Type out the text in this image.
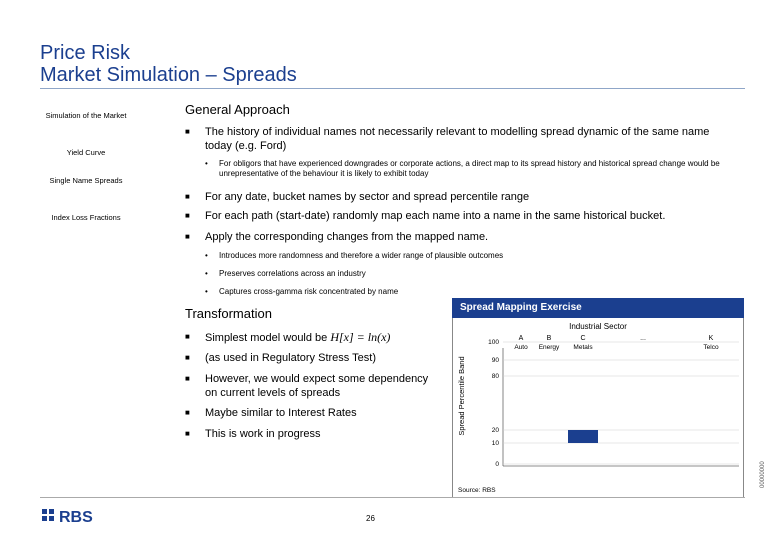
Price Risk
Market Simulation – Spreads
Simulation of the Market
Yield Curve
Single Name Spreads
Index Loss Fractions
General Approach
■ The history of individual names not necessarily relevant to modelling spread dynamic of the same name today (e.g. Ford)
• For obligors that have experienced downgrades or corporate actions, a direct map to its spread history and historical spread change would be unrepresentative of the behaviour it is likely to exhibit today
■ For any date, bucket names by sector and spread percentile range
■ For each path (start-date) randomly map each name into a name in the same historical bucket.
■ Apply the corresponding changes from the mapped name.
• Introduces more randomness and therefore a wider range of plausible outcomes
• Preserves correlations across an industry
• Captures cross-gamma risk concentrated by name
Transformation
■ Simplest model would be H[x] = ln(x)
■ (as used in Regulatory Stress Test)
■ However, we would expect some dependency on current levels of spreads
■ Maybe similar to Interest Rates
■ This is work in progress
Spread Mapping Exercise
Industrial Sector
Spread Percentile Band
A
Auto
B
Energy
C
Metals
...	K
Telco
0
10
20
80
90
100
Source: RBS
RBS	26
00000000
